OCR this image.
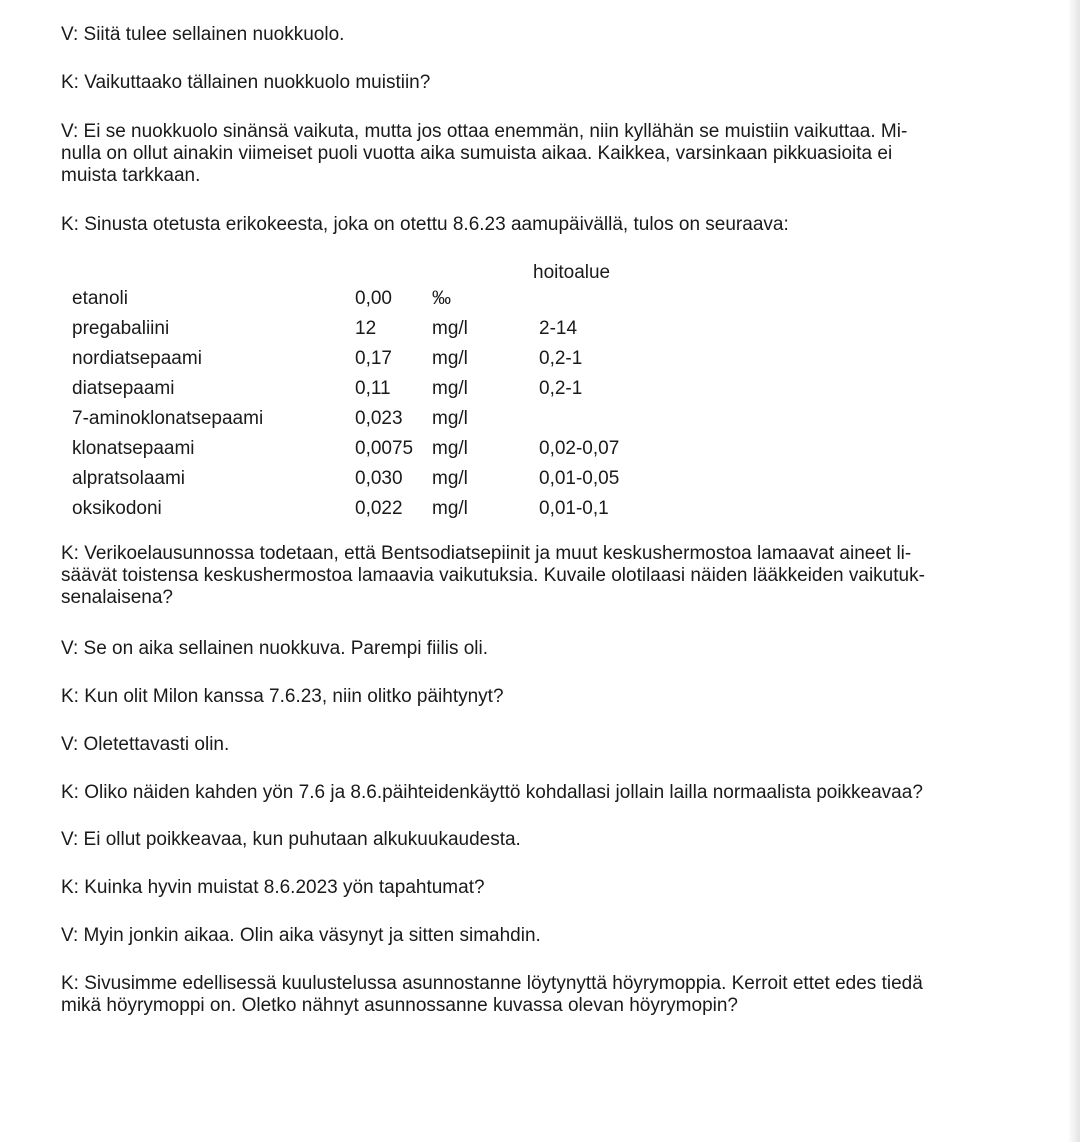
V: Siitä tulee sellainen nuokkuolo.

K: Vaikuttaako tällainen nuokkuolo muistiin?

V: Ei se nuokkuolo sinänsä vaikuta, mutta jos ottaa enemmän, niin kyllähän se muistiin vaikuttaa. Mi-
nulla on ollut ainakin viimeiset puoli vuotta aika sumuista aikaa. Kaikkea, varsinkaan pikkuasioita ei
muista tarkkaan.

K: Sinusta otetusta erikokeesta, joka on otettu 8.6.23 aamupäivällä, tulos on seuraava:

hoitoalue
etanoli	0,00 ‰
pregabaliini	12	mg/l	2-14
nordiatsepaami	0,17 mg/l	0,2-1
diatsepaami	0,11 mg/l	0,2-1
7-aminoklonatsepaami	0,023 mg/l
klonatsepaami	0,0075 mg/l	0,02-0,07
alpratsolaami	0,030 mg/l	0,01-0,05
oksikodoni	0,022 mg/l	0,01-0,1

K: Verikoelausunnossa todetaan, että Bentsodiatsepiinit ja muut keskushermostoa lamaavat aineet li-
säävät toistensa keskushermostoa lamaavia vaikutuksia. Kuvaile olotilaasi näiden lääkkeiden vaikutuk-
senalaisena?

V: Se on aika sellainen nuokkuva. Parempi fiilis oli.

K: Kun olit Milon kanssa 7.6.23, niin olitko päihtynyt?

V: Oletettavasti olin.

K: Oliko näiden kahden yön 7.6 ja 8.6.päihteidenkäyttö kohdallasi jollain lailla normaalista poikkeavaa?

V: Ei ollut poikkeavaa, kun puhutaan alkukuukaudesta.

K: Kuinka hyvin muistat 8.6.2023 yön tapahtumat?

V: Myin jonkin aikaa. Olin aika väsynyt ja sitten simahdin.

K: Sivusimme edellisessä kuulustelussa asunnostanne löytynyttä höyrymoppia. Kerroit ettet edes tiedä
mikä höyrymoppi on. Oletko nähnyt asunnossanne kuvassa olevan höyrymopin?
